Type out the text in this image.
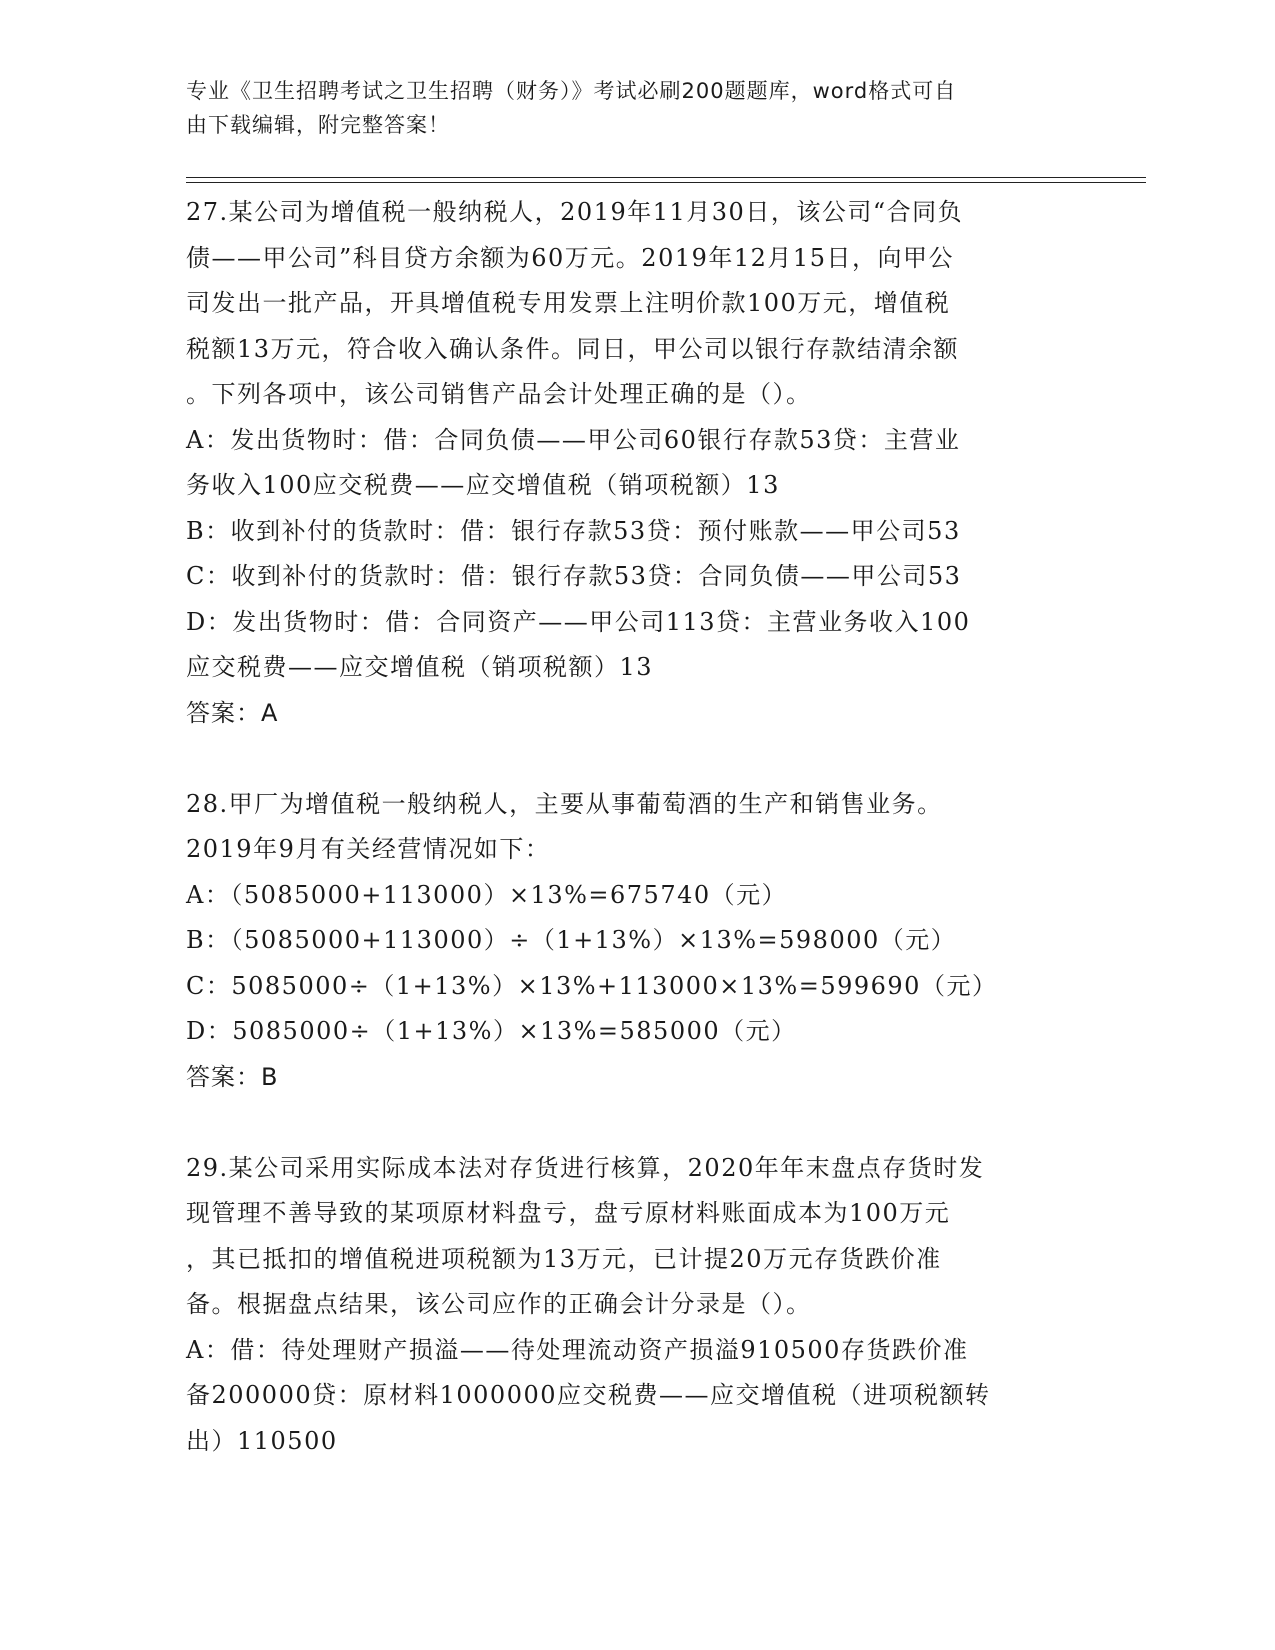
专业《卫生招聘考试之卫生招聘（财务）》考试必刷200题题库，word格式可自
由下载编辑，附完整答案！
27.某公司为增值税一般纳税人，2019年11月30日，该公司“合同负
债——甲公司”科目贷方余额为60万元。2019年12月15日，向甲公
司发出一批产品，开具增值税专用发票上注明价款100万元，增值税
税额13万元，符合收入确认条件。同日，甲公司以银行存款结清余额
。下列各项中，该公司销售产品会计处理正确的是（）。
A：发出货物时：借：合同负债——甲公司60银行存款53贷：主营业
务收入100应交税费——应交增值税（销项税额）13
B：收到补付的货款时：借：银行存款53贷：预付账款——甲公司53
C：收到补付的货款时：借：银行存款53贷：合同负债——甲公司53
D：发出货物时：借：合同资产——甲公司113贷：主营业务收入100
应交税费——应交增值税（销项税额）13
答案：A
28.甲厂为增值税一般纳税人，主要从事葡萄酒的生产和销售业务。
2019年9月有关经营情况如下：
A：（5085000+113000）×13%=675740（元）
B：（5085000+113000）÷（1+13%）×13%=598000（元）
C：5085000÷（1+13%）×13%+113000×13%=599690（元）
D：5085000÷（1+13%）×13%=585000（元）
答案：B
29.某公司采用实际成本法对存货进行核算，2020年年末盘点存货时发
现管理不善导致的某项原材料盘亏，盘亏原材料账面成本为100万元
，其已抵扣的增值税进项税额为13万元，已计提20万元存货跌价准
备。根据盘点结果，该公司应作的正确会计分录是（）。
A：借：待处理财产损溢——待处理流动资产损溢910500存货跌价准
备200000贷：原材料1000000应交税费——应交增值税（进项税额转
出）110500
